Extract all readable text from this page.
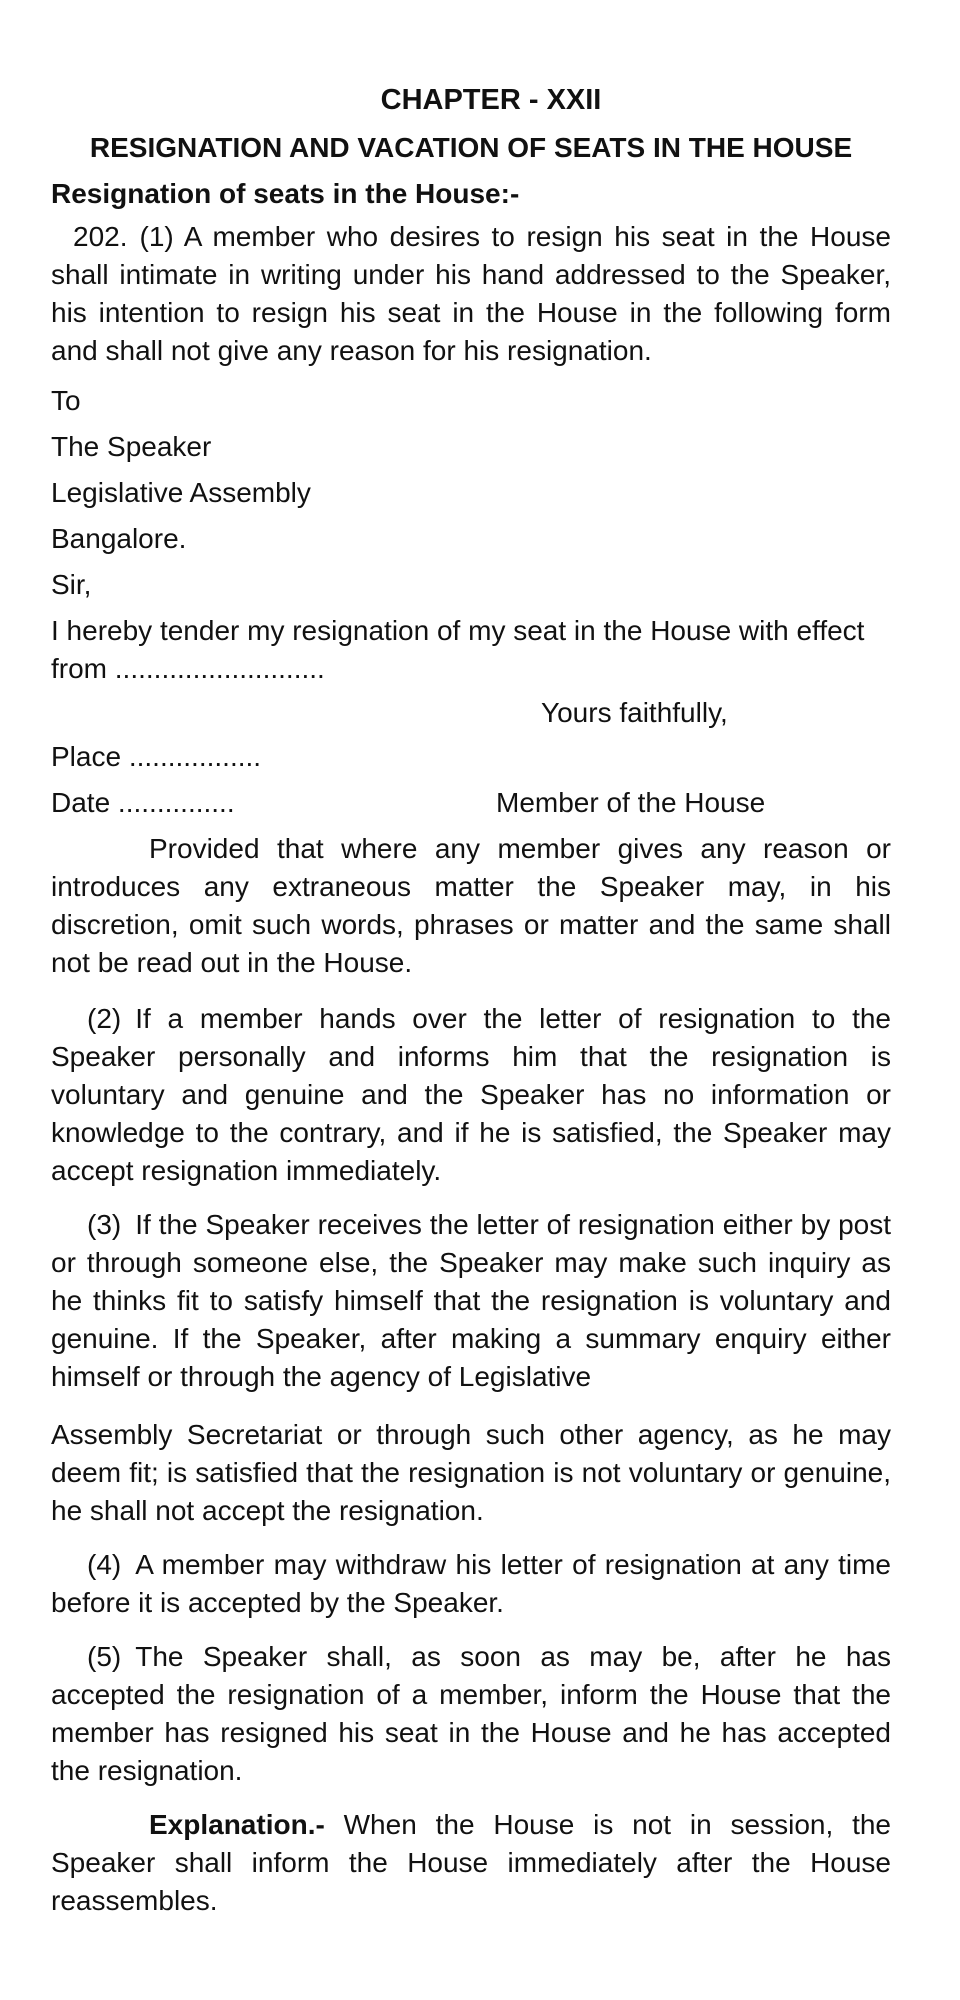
CHAPTER - XXII
RESIGNATION AND VACATION OF SEATS IN THE HOUSE
Resignation of seats in the House:-

202. (1) A member who desires to resign his seat in the House shall intimate in writing under his hand addressed to the Speaker, his intention to resign his seat in the House in the following form and shall not give any reason for his resignation.

To
The Speaker
Legislative Assembly
Bangalore.
Sir,

I hereby tender my resignation of my seat in the House with effect from ...........................

Yours faithfully,
Place .................
Date ...............	Member of the House

Provided that where any member gives any reason or introduces any extraneous matter the Speaker may, in his discretion, omit such words, phrases or matter and the same shall not be read out in the House.

(2) If a member hands over the letter of resignation to the Speaker personally and informs him that the resignation is voluntary and genuine and the Speaker has no information or knowledge to the contrary, and if he is satisfied, the Speaker may accept resignation immediately.

(3) If the Speaker receives the letter of resignation either by post or through someone else, the Speaker may make such inquiry as he thinks fit to satisfy himself that the resignation is voluntary and genuine. If the Speaker, after making a summary enquiry either himself or through the agency of Legislative

Assembly Secretariat or through such other agency, as he may deem fit; is satisfied that the resignation is not voluntary or genuine, he shall not accept the resignation.

(4) A member may withdraw his letter of resignation at any time before it is accepted by the Speaker.

(5) The Speaker shall, as soon as may be, after he has accepted the resignation of a member, inform the House that the member has resigned his seat in the House and he has accepted the resignation.

Explanation.- When the House is not in session, the Speaker shall inform the House immediately after the House reassembles.
